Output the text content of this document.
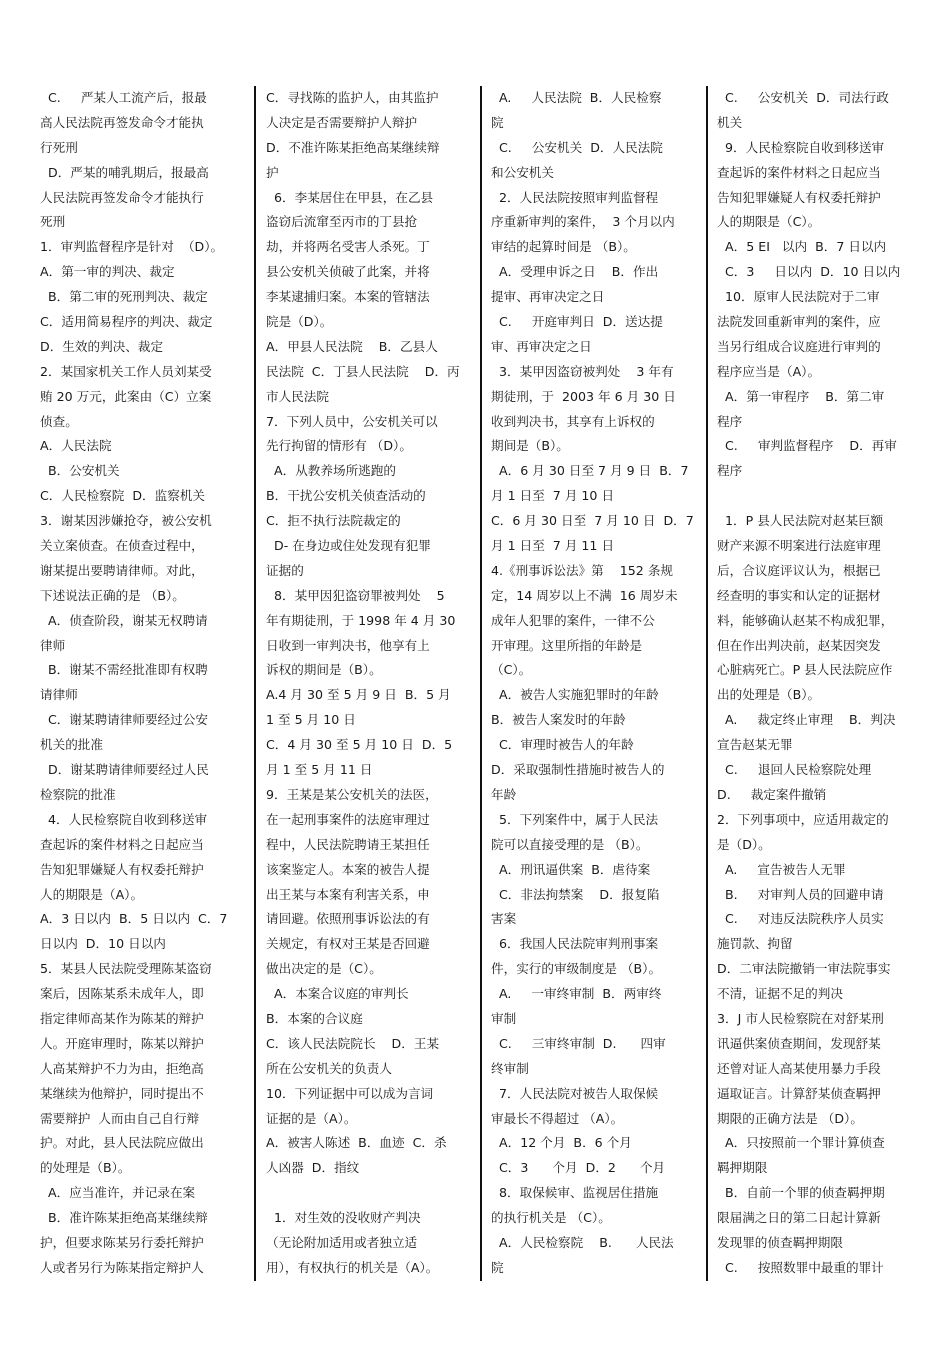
C.     严某人工流产后，报最
高人民法院再签发命令才能执
行死刑
D．严某的哺乳期后，报最高
人民法院再签发命令才能执行
死刑
1．审判监督程序是针对  （D）。
A．第一审的判决、裁定
B．第二审的死刑判决、裁定
C．适用简易程序的判决、裁定
D．生效的判决、裁定
2．某国家机关工作人员刘某受
贿 20 万元，此案由（C）立案
侦查。
A．人民法院
B．公安机关
C．人民检察院  D．监察机关
3．谢某因涉嫌抢夺，被公安机
关立案侦查。在侦查过程中，
谢某提出要聘请律师。对此，
下述说法正确的是 （B）。
A．侦查阶段，谢某无权聘请
律师
B．谢某不需经批准即有权聘
请律师
C．谢某聘请律师要经过公安
机关的批准
D．谢某聘请律师要经过人民
检察院的批准
4．人民检察院自收到移送审
查起诉的案件材料之日起应当
告知犯罪嫌疑人有权委托辩护
人的期限是（A）。
A．3 日以内  B．5 日以内  C．7
日以内  D．10 日以内
5．某县人民法院受理陈某盗窃
案后，因陈某系未成年人，即
指定律师高某作为陈某的辩护
人。开庭审理时，陈某以辩护
人高某辩护不力为由，拒绝高
某继续为他辩护，同时提出不
需要辩护  人而由自己自行辩
护。对此，县人民法院应做出
的处理是（B）。
A．应当准许，并记录在案
B．准许陈某拒绝高某继续辩
护，但要求陈某另行委托辩护
人或者另行为陈某指定辩护人
C．寻找陈的监护人，由其监护
人决定是否需要辩护人辩护
D．不准许陈某拒绝高某继续辩
护
6．李某居住在甲县，在乙县
盗窃后流窜至丙市的丁县抢
劫，并将两名受害人杀死。丁
县公安机关侦破了此案，并将
李某逮捕归案。本案的管辖法
院是（D）。
A．甲县人民法院    B．乙县人
民法院  C．丁县人民法院    D．丙
市人民法院
7．下列人员中，公安机关可以
先行拘留的情形有 （D）。
A．从教养场所逃跑的
B．干扰公安机关侦查活动的
C．拒不执行法院裁定的
D- 在身边或住处发现有犯罪
证据的
8．某甲因犯盗窃罪被判处    5
年有期徒刑，于 1998 年 4 月 30
日收到一审判决书，他享有上
诉权的期间是（B）。
A.4 月 30 至 5 月 9 日  B．5 月
1 至 5 月 10 日
C．4 月 30 至 5 月 10 日  D．5
月 1 至 5 月 11 日
9．王某是某公安机关的法医，
在一起刑事案件的法庭审理过
程中，人民法院聘请王某担任
该案鉴定人。本案的被告人提
出王某与本案有利害关系，申
请回避。依照刑事诉讼法的有
关规定，有权对王某是否回避
做出决定的是（C）。
A．本案合议庭的审判长
B．本案的合议庭
C．该人民法院院长    D．王某
所在公安机关的负责人
10．下列证据中可以成为言词
证据的是（A）。
A．被害人陈述  B．血迹  C．杀
人凶器  D．指纹
1．对生效的没收财产判决
（无论附加适用或者独立适
用），有权执行的机关是（A）。
A.     人民法院  B．人民检察
院
C.     公安机关  D．人民法院
和公安机关
2．人民法院按照审判监督程
序重新审判的案件，  3 个月以内
审结的起算时间是 （B）。
A．受理申诉之日    B．作出
提审、再审决定之日
C.     开庭审判日  D．送达提
审、再审决定之日
3．某甲因盗窃被判处    3 年有
期徒刑，于  2003 年 6 月 30 日
收到判决书，其享有上诉权的
期间是（B）。
A．6 月 30 日至 7 月 9 日  B．7
月 1 日至  7 月 10 日
C．6 月 30 日至  7 月 10 日  D．7
月 1 日至  7 月 11 日
4.《刑事诉讼法》第    152 条规
定，14 周岁以上不满  16 周岁未
成年人犯罪的案件，一律不公
开审理。这里所指的年龄是
（C）。
A．被告人实施犯罪时的年龄
B．被告人案发时的年龄
C．审理时被告人的年龄
D．采取强制性措施时被告人的
年龄
5．下列案件中，属于人民法
院可以直接受理的是 （B）。
A．刑讯逼供案  B．虐待案
C．非法拘禁案    D．报复陷
害案
6．我国人民法院审判刑事案
件，实行的审级制度是 （B）。
A.     一审终审制  B．两审终
审制
C.     三审终审制  D.      四审
终审制
7．人民法院对被告人取保候
审最长不得超过 （A）。
A．12 个月  B．6 个月
C．3      个月  D．2      个月
8．取保候审、监视居住措施
的执行机关是 （C）。
A．人民检察院    B.      人民法
院
C.     公安机关  D．司法行政
机关
9．人民检察院自收到移送审
查起诉的案件材料之日起应当
告知犯罪嫌疑人有权委托辩护
人的期限是（C）。
A．5 EI   以内  B．7 日以内
C．3     日以内  D．10 日以内
10．原审人民法院对于二审
法院发回重新审判的案件，应
当另行组成合议庭进行审判的
程序应当是（A）。
A．第一审程序    B．第二审
程序
C.     审判监督程序    D．再审
程序
1．P 县人民法院对赵某巨额
财产来源不明案进行法庭审理
后，合议庭评议认为，根据已
经查明的事实和认定的证据材
料，能够确认赵某不构成犯罪，
但在作出判决前，赵某因突发
心脏病死亡。P 县人民法院应作
出的处理是（B）。
A.     裁定终止审理    B．判决
宣告赵某无罪
C.     退回人民检察院处理
D.     裁定案件撤销
2．下列事项中，应适用裁定的
是（D）。
A.     宣告被告人无罪
B.     对审判人员的回避申请
C.     对违反法院秩序人员实
施罚款、拘留
D．二审法院撤销一审法院事实
不清，证据不足的判决
3．J 市人民检察院在对舒某刑
讯逼供案侦查期间，发现舒某
还曾对证人高某使用暴力手段
逼取证言。计算舒某侦查羁押
期限的正确方法是 （D）。
A．只按照前一个罪计算侦查
羁押期限
B．自前一个罪的侦查羁押期
限届满之日的第二日起计算新
发现罪的侦查羁押期限
C.     按照数罪中最重的罪计
